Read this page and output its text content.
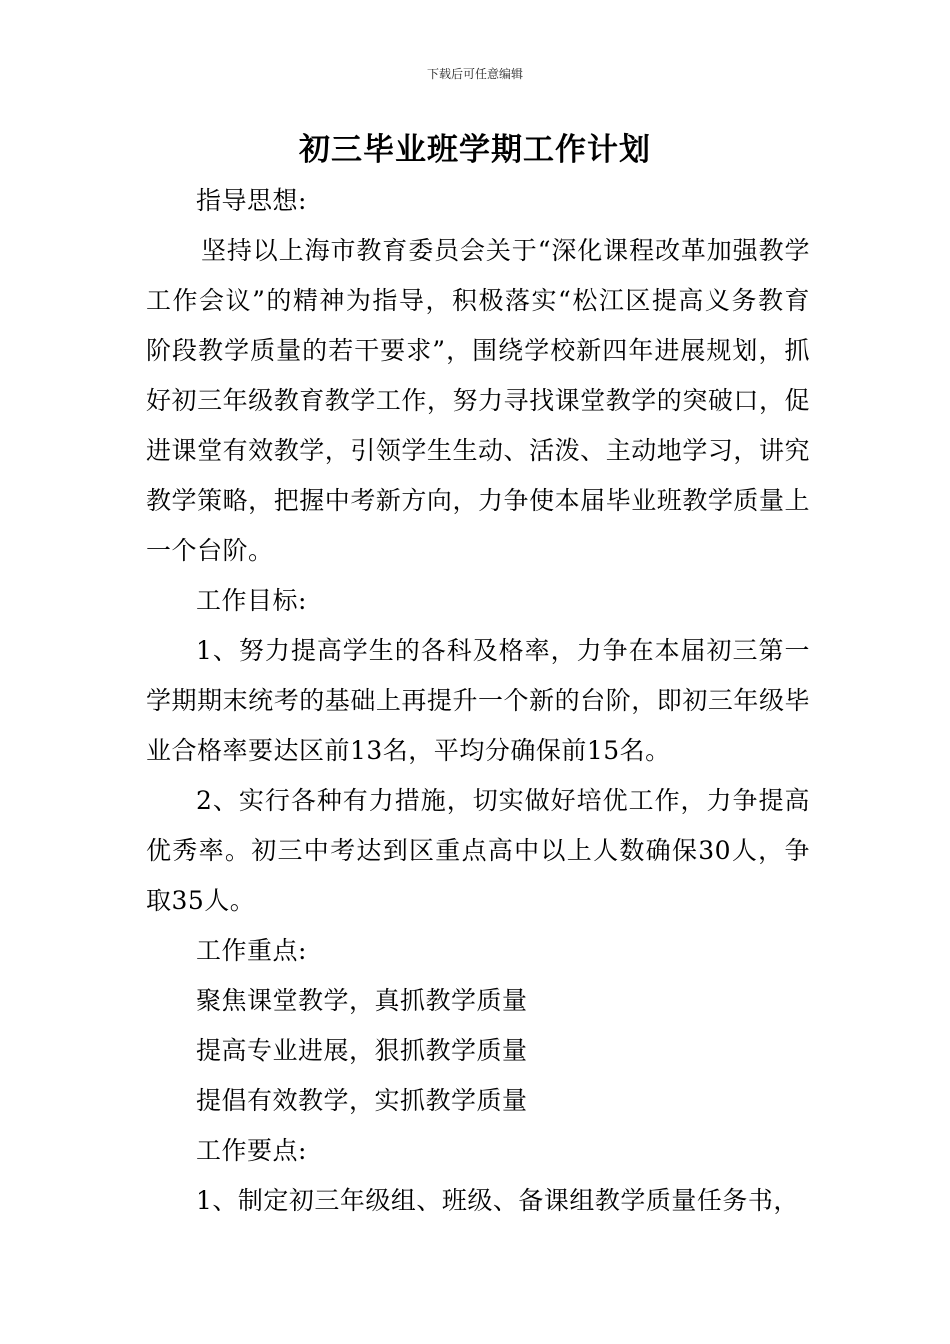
下载后可任意编辑
初三毕业班学期工作计划

指导思想:

坚持以上海市教育委员会关于“深化课程改革加强教学工作会议”的精神为指导，积极落实“松江区提高义务教育阶段教学质量的若干要求”，围绕学校新四年进展规划，抓好初三年级教育教学工作，努力寻找课堂教学的突破口，促进课堂有效教学，引领学生生动、活泼、主动地学习，讲究教学策略，把握中考新方向，力争使本届毕业班教学质量上一个台阶。

工作目标:

1、努力提高学生的各科及格率，力争在本届初三第一学期期末统考的基础上再提升一个新的台阶，即初三年级毕业合格率要达区前13名，平均分确保前15名。

2、实行各种有力措施，切实做好培优工作，力争提高优秀率。初三中考达到区重点高中以上人数确保30人，争取35人。

工作重点:

聚焦课堂教学，真抓教学质量

提高专业进展，狠抓教学质量

提倡有效教学，实抓教学质量

工作要点:

1、制定初三年级组、班级、备课组教学质量任务书，
